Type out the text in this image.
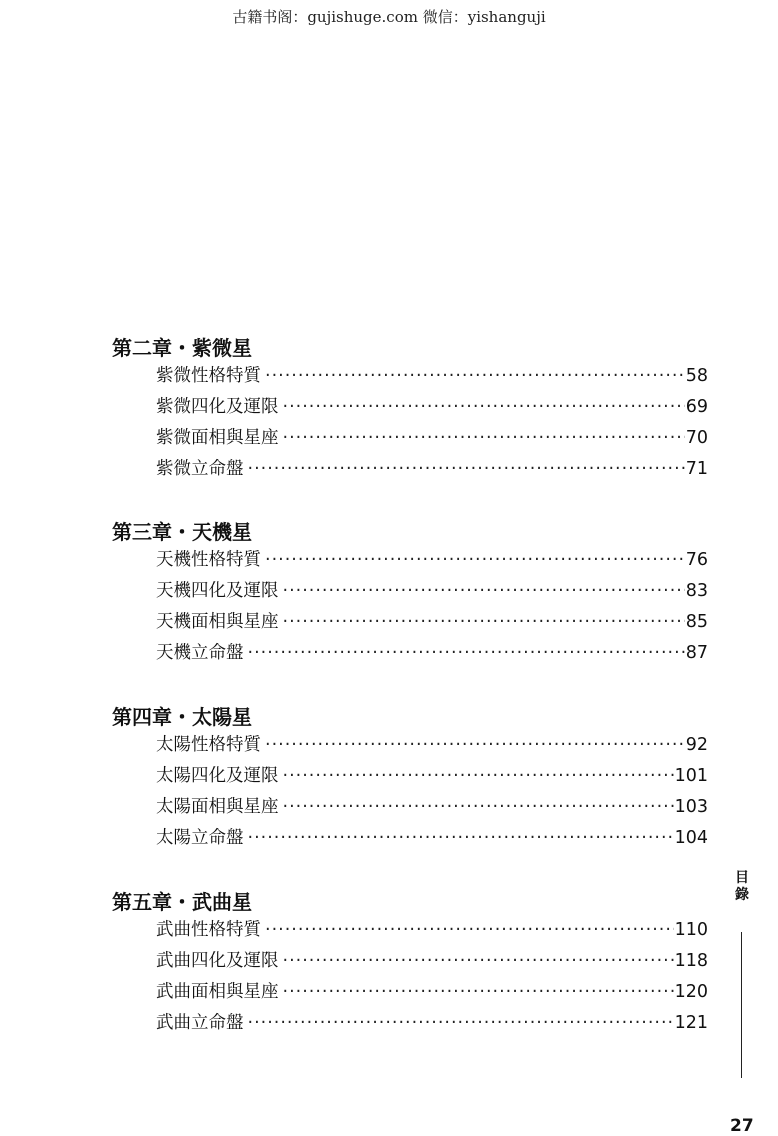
古籍书阁：gujishuge.com 微信：yishanguji
第二章・紫微星
紫微性格特質 ·····	58
紫微四化及運限 ·····	69
紫微面相與星座 ·····	70
紫微立命盤 ·····	71
第三章・天機星
天機性格特質 ·····	76
天機四化及運限 ·····	83
天機面相與星座 ·····	85
天機立命盤 ·····	87
第四章・太陽星
太陽性格特質 ·····	92
太陽四化及運限 ·····	101
太陽面相與星座 ·····	103
太陽立命盤 ·····	104
第五章・武曲星
武曲性格特質 ·····	110
武曲四化及運限 ·····	118
武曲面相與星座 ·····	120
武曲立命盤 ·····	121
目錄
27
